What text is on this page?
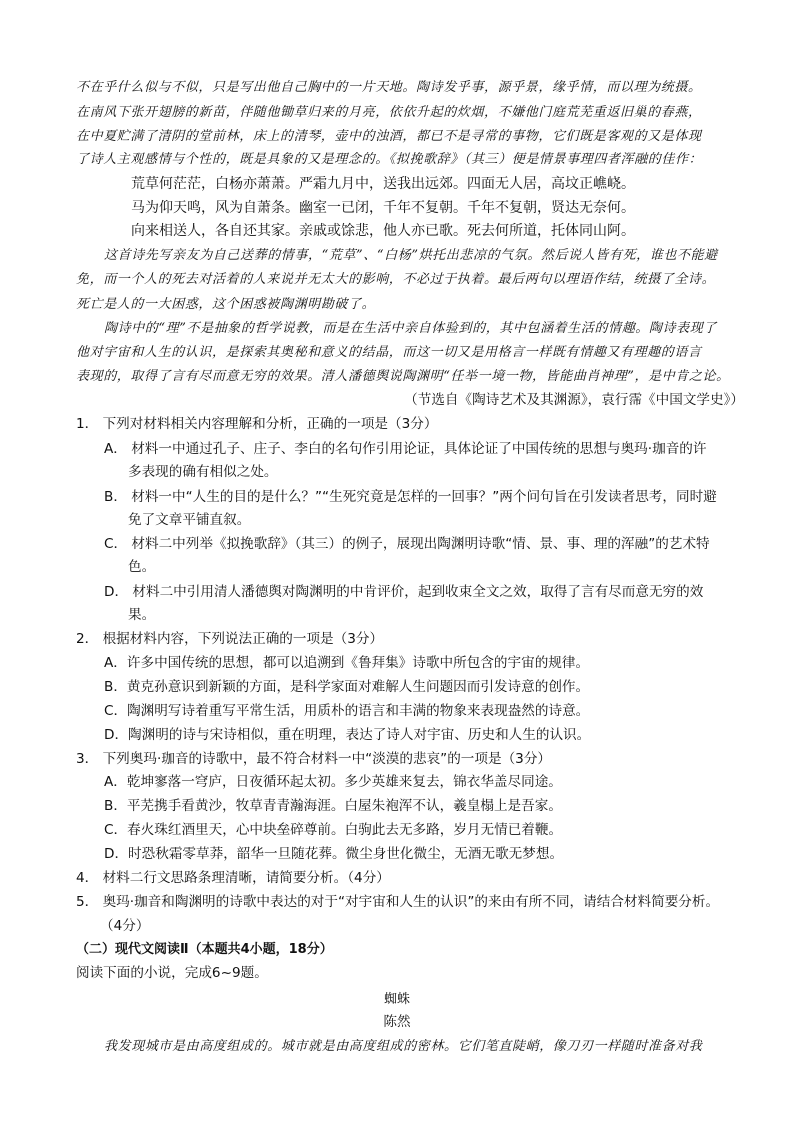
不在乎什么似与不似，只是写出他自己胸中的一片天地。陶诗发乎事，源乎景，缘乎情，而以理为统摄。
在南风下张开翅膀的新苗，伴随他锄草归来的月亮，依依升起的炊烟，不嫌他门庭荒芜重返旧巢的春燕，
在中夏贮满了清阴的堂前林，床上的清琴，壶中的浊酒，都已不是寻常的事物，它们既是客观的又是体现
了诗人主观感情与个性的，既是具象的又是理念的。《拟挽歌辞》（其三）便是情景事理四者浑融的佳作：
荒草何茫茫，白杨亦萧萧。严霜九月中，送我出远郊。四面无人居，高坟正嶕峣。
马为仰天鸣，风为自萧条。幽室一已闭，千年不复朝。千年不复朝，贤达无奈何。
向来相送人，各自还其家。亲戚或馀悲，他人亦已歌。死去何所道，托体同山阿。
这首诗先写亲友为自己送葬的情事，“荒草”、“白杨”烘托出悲凉的气氛。然后说人皆有死，谁也不能避
免，而一个人的死去对活着的人来说并无太大的影响，不必过于执着。最后两句以理语作结，统摄了全诗。
死亡是人的一大困惑，这个困惑被陶渊明勘破了。
陶诗中的“理”不是抽象的哲学说教，而是在生活中亲自体验到的，其中包涵着生活的情趣。陶诗表现了
他对宇宙和人生的认识，是探索其奥秘和意义的结晶，而这一切又是用格言一样既有情趣又有理趣的语言
表现的，取得了言有尽而意无穷的效果。清人潘德舆说陶渊明“任举一境一物，皆能曲肖神理”，是中肯之论。
（节选自《陶诗艺术及其渊源》，袁行霈《中国文学史》）
1． 下列对材料相关内容理解和分析，正确的一项是（3分）
A． 材料一中通过孔子、庄子、李白的名句作引用论证，具体论证了中国传统的思想与奥玛·珈音的许
多表现的确有相似之处。
B． 材料一中“人生的目的是什么？”“生死究竟是怎样的一回事？”两个问句旨在引发读者思考，同时避
免了文章平铺直叙。
C． 材料二中列举《拟挽歌辞》（其三）的例子，展现出陶渊明诗歌“情、景、事、理的浑融”的艺术特
色。
D． 材料二中引用清人潘德舆对陶渊明的中肯评价，起到收束全文之效，取得了言有尽而意无穷的效
果。
2． 根据材料内容，下列说法正确的一项是（3分）
A．许多中国传统的思想，都可以追溯到《鲁拜集》诗歌中所包含的宇宙的规律。
B．黄克孙意识到新颖的方面，是科学家面对难解人生问题因而引发诗意的创作。
C．陶渊明写诗着重写平常生活，用质朴的语言和丰满的物象来表现盎然的诗意。
D．陶渊明的诗与宋诗相似，重在明理，表达了诗人对宇宙、历史和人生的认识。
3． 下列奥玛·珈音的诗歌中，最不符合材料一中“淡漠的悲哀”的一项是（3分）
A．乾坤寥落一穹庐，日夜循环起太初。多少英雄来复去，锦衣华盖尽同途。
B．平芜携手看黄沙，牧草青青瀚海涯。白屋朱袍浑不认，羲皇榻上是吾家。
C．春火珠红酒里天，心中块垒碎尊前。白驹此去无多路，岁月无情已着鞭。
D．时恐秋霜零草莽，韶华一旦随花葬。微尘身世化微尘，无酒无歌无梦想。
4． 材料二行文思路条理清晰，请简要分析。（4分）
5． 奥玛·珈音和陶渊明的诗歌中表达的对于“对宇宙和人生的认识”的来由有所不同，请结合材料简要分析。
（4分）
（二）现代文阅读Ⅱ（本题共4小题，18分）
阅读下面的小说，完成6~9题。
蜘蛛
陈然
我发现城市是由高度组成的。城市就是由高度组成的密林。它们笔直陡峭，像刀刃一样随时准备对我
